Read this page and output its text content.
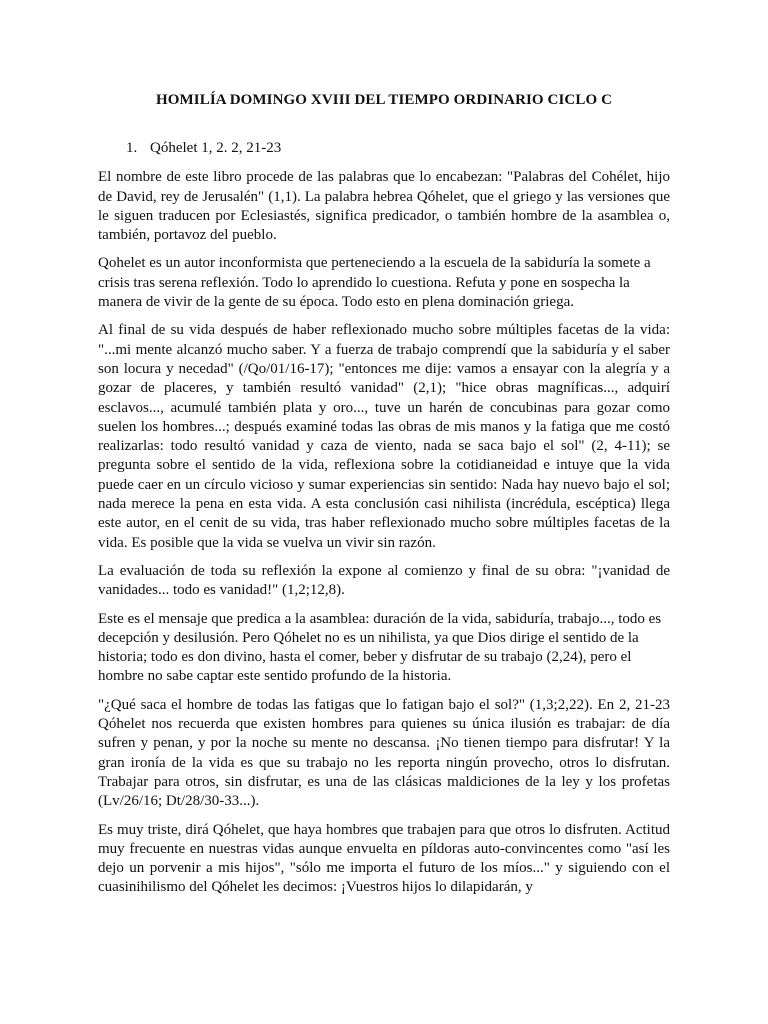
HOMILÍA DOMINGO XVIII DEL TIEMPO ORDINARIO CICLO C
1. Qóhelet 1, 2. 2, 21-23

El nombre de este libro procede de las palabras que lo encabezan: "Palabras del Cohélet, hijo de David, rey de Jerusalén" (1,1). La palabra hebrea Qóhelet, que el griego y las versiones que le siguen traducen por Eclesiastés, significa predicador, o también hombre de la asamblea o, también, portavoz del pueblo.

Qohelet es un autor inconformista que perteneciendo a la escuela de la sabiduría la somete a crisis tras serena reflexión. Todo lo aprendido lo cuestiona. Refuta y pone en sospecha la manera de vivir de la gente de su época. Todo esto en plena dominación griega.

Al final de su vida después de haber reflexionado mucho sobre múltiples facetas de la vida: "...mi mente alcanzó mucho saber. Y a fuerza de trabajo comprendí que la sabiduría y el saber son locura y necedad" (/Qo/01/16-17); "entonces me dije: vamos a ensayar con la alegría y a gozar de placeres, y también resultó vanidad" (2,1); "hice obras magníficas..., adquirí esclavos..., acumulé también plata y oro..., tuve un harén de concubinas para gozar como suelen los hombres...; después examiné todas las obras de mis manos y la fatiga que me costó realizarlas: todo resultó vanidad y caza de viento, nada se saca bajo el sol" (2, 4-11); se pregunta sobre el sentido de la vida, reflexiona sobre la cotidianeidad e intuye que la vida puede caer en un círculo vicioso y sumar experiencias sin sentido: Nada hay nuevo bajo el sol; nada merece la pena en esta vida. A esta conclusión casi nihilista (incrédula, escéptica) llega este autor, en el cenit de su vida, tras haber reflexionado mucho sobre múltiples facetas de la vida. Es posible que la vida se vuelva un vivir sin razón.

La evaluación de toda su reflexión la expone al comienzo y final de su obra: "¡vanidad de vanidades... todo es vanidad!" (1,2;12,8).

Este es el mensaje que predica a la asamblea: duración de la vida, sabiduría, trabajo..., todo es decepción y desilusión. Pero Qóhelet no es un nihilista, ya que Dios dirige el sentido de la historia; todo es don divino, hasta el comer, beber y disfrutar de su trabajo (2,24), pero el hombre no sabe captar este sentido profundo de la historia.

"¿Qué saca el hombre de todas las fatigas que lo fatigan bajo el sol?" (1,3;2,22). En 2, 21-23 Qóhelet nos recuerda que existen hombres para quienes su única ilusión es trabajar: de día sufren y penan, y por la noche su mente no descansa. ¡No tienen tiempo para disfrutar! Y la gran ironía de la vida es que su trabajo no les reporta ningún provecho, otros lo disfrutan. Trabajar para otros, sin disfrutar, es una de las clásicas maldiciones de la ley y los profetas (Lv/26/16; Dt/28/30-33...).

Es muy triste, dirá Qóhelet, que haya hombres que trabajen para que otros lo disfruten. Actitud muy frecuente en nuestras vidas aunque envuelta en píldoras auto-convincentes como "así les dejo un porvenir a mis hijos", "sólo me importa el futuro de los míos..." y siguiendo con el cuasinihilismo del Qóhelet les decimos: ¡Vuestros hijos lo dilapidarán, y
